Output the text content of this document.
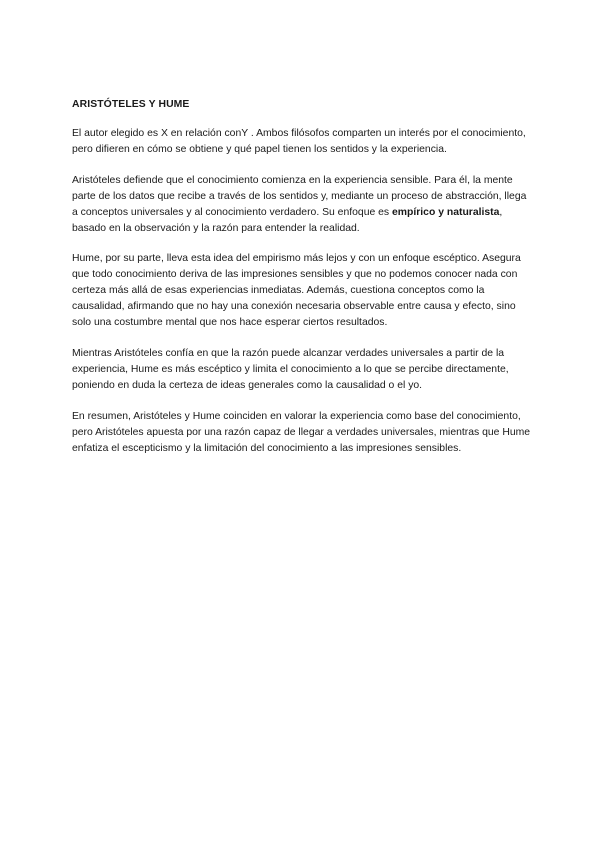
ARISTÓTELES Y HUME

El autor elegido es X en relación conY . Ambos filósofos comparten un interés por el conocimiento, pero difieren en cómo se obtiene y qué papel tienen los sentidos y la experiencia.

Aristóteles defiende que el conocimiento comienza en la experiencia sensible. Para él, la mente parte de los datos que recibe a través de los sentidos y, mediante un proceso de abstracción, llega a conceptos universales y al conocimiento verdadero. Su enfoque es empírico y naturalista, basado en la observación y la razón para entender la realidad.

Hume, por su parte, lleva esta idea del empirismo más lejos y con un enfoque escéptico. Asegura que todo conocimiento deriva de las impresiones sensibles y que no podemos conocer nada con certeza más allá de esas experiencias inmediatas. Además, cuestiona conceptos como la causalidad, afirmando que no hay una conexión necesaria observable entre causa y efecto, sino solo una costumbre mental que nos hace esperar ciertos resultados.

Mientras Aristóteles confía en que la razón puede alcanzar verdades universales a partir de la experiencia, Hume es más escéptico y limita el conocimiento a lo que se percibe directamente, poniendo en duda la certeza de ideas generales como la causalidad o el yo.

En resumen, Aristóteles y Hume coinciden en valorar la experiencia como base del conocimiento, pero Aristóteles apuesta por una razón capaz de llegar a verdades universales, mientras que Hume enfatiza el escepticismo y la limitación del conocimiento a las impresiones sensibles.
